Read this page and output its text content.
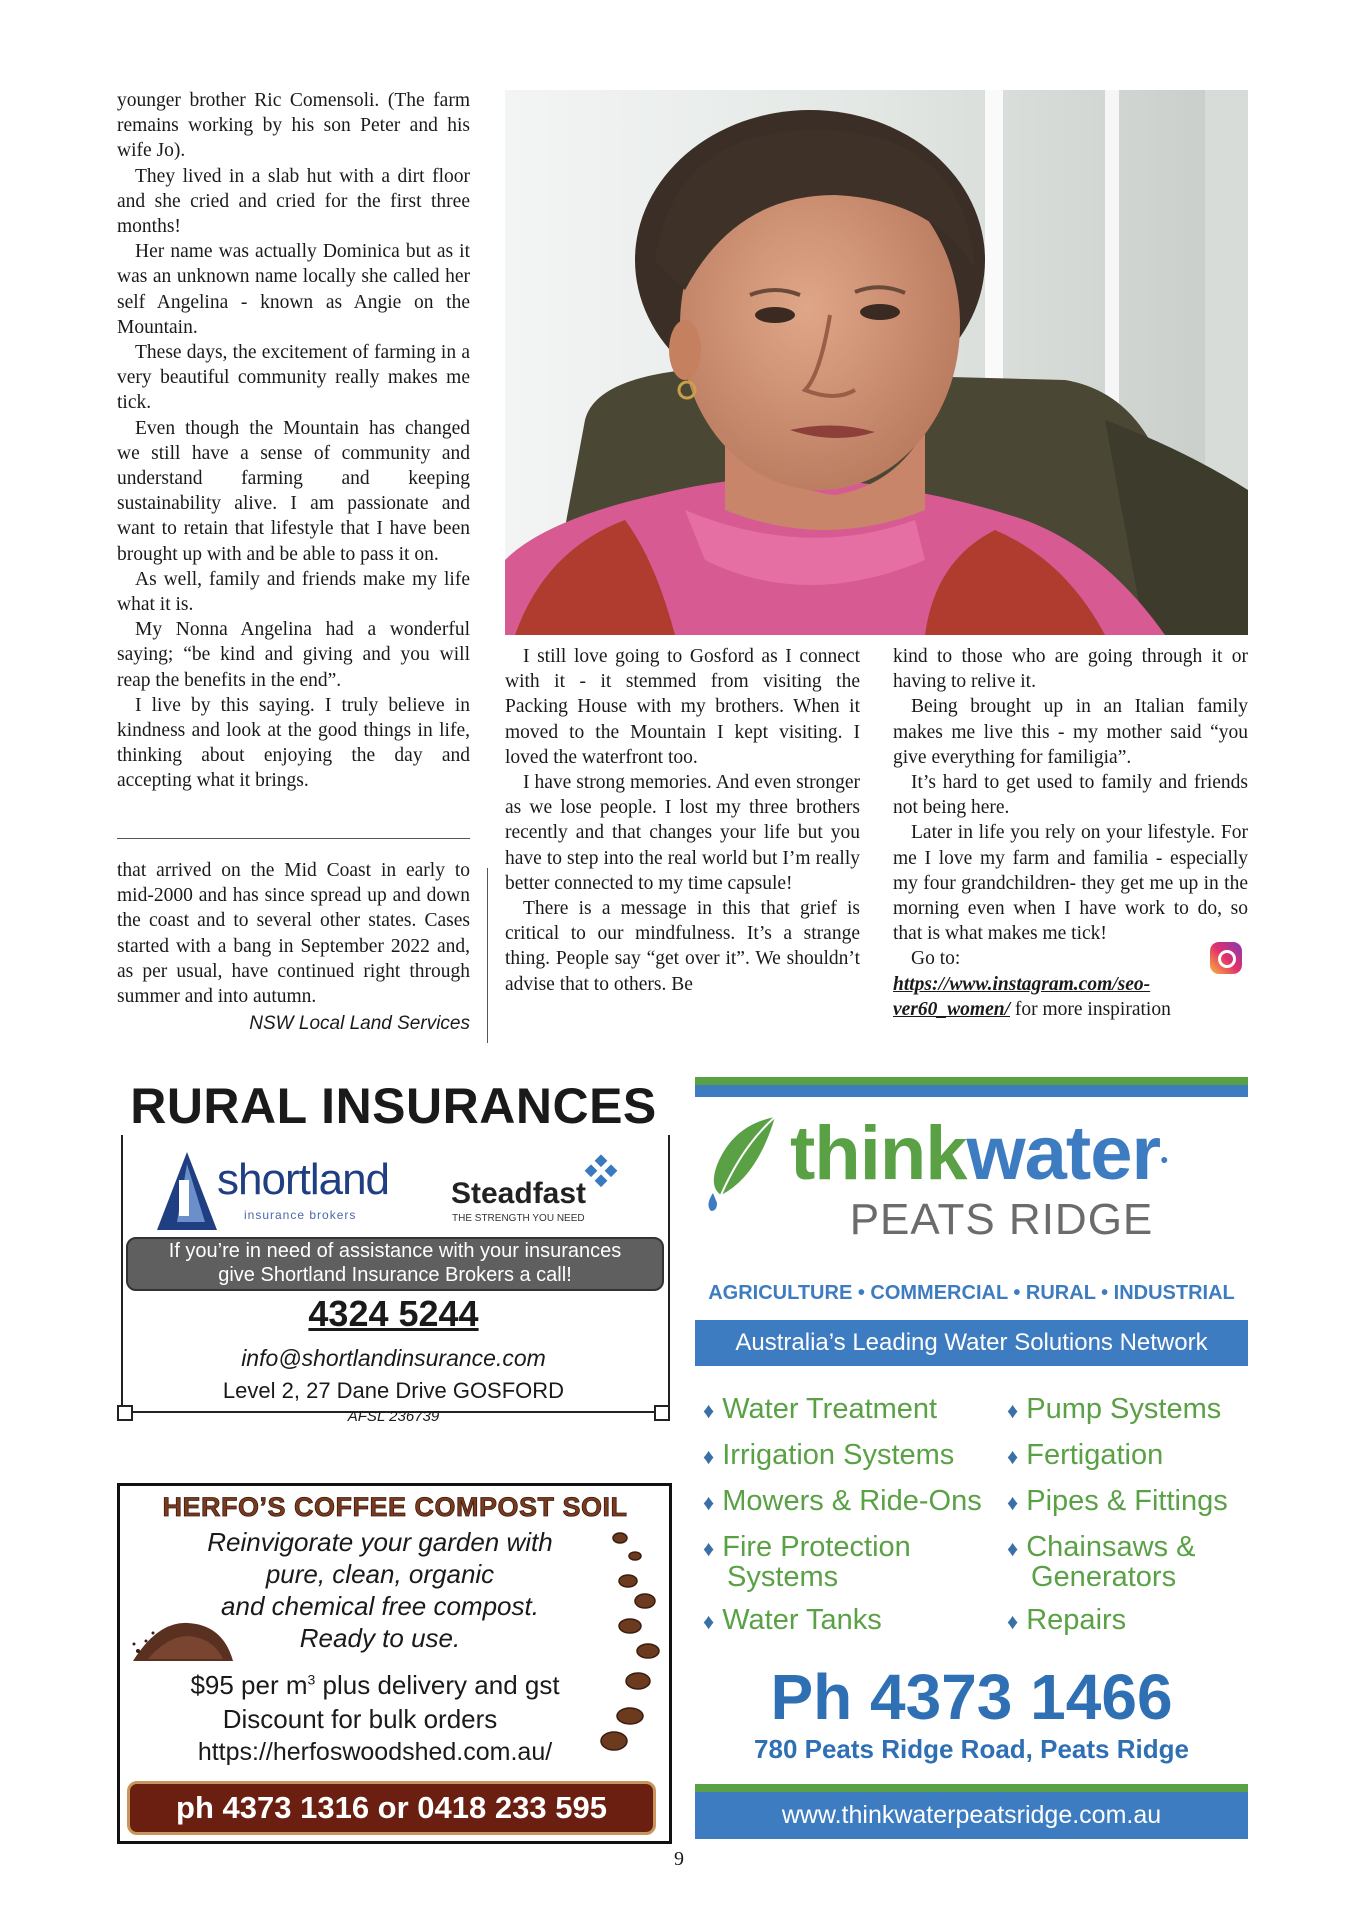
younger brother Ric Comensoli. (The farm remains working by his son Peter and his wife Jo).

They lived in a slab hut with a dirt floor and she cried and cried for the first three months!

Her name was actually Dominica but as it was an unknown name locally she called her self Angelina - known as Angie on the Mountain.

These days, the excitement of farming in a very beautiful community really makes me tick.

Even though the Mountain has changed we still have a sense of community and understand farming and keeping sustainability alive. I am passionate and want to retain that lifestyle that I have been brought up with and be able to pass it on.

As well, family and friends make my life what it is.

My Nonna Angelina had a wonderful saying; “be kind and giving and you will reap the benefits in the end”.

I live by this saying. I truly believe in kindness and look at the good things in life, thinking about enjoying the day and accepting what it brings.

that arrived on the Mid Coast in early to mid-2000 and has since spread up and down the coast and to several other states. Cases started with a bang in September 2022 and, as per usual, have continued right through summer and into autumn.

NSW Local Land Services

I still love going to Gosford as I connect with it - it stemmed from visiting the Packing House with my brothers. When it moved to the Mountain I kept visiting. I loved the waterfront too.

I have strong memories. And even stronger as we lose people. I lost my three brothers recently and that changes your life but you have to step into the real world but I’m really better connected to my time capsule!

There is a message in this that grief is critical to our mindfulness. It’s a strange thing. People say “get over it”. We shouldn’t advise that to others. Be

kind to those who are going through it or having to relive it.

Being brought up in an Italian family makes me live this - my mother said “you give everything for familigia”.

It’s hard to get used to family and friends not being here.

Later in life you rely on your lifestyle. For me I love my farm and familia - especially my four grandchildren- they get me up in the morning even when I have work to do, so that is what makes me tick!

Go to:

https://www.instagram.com/seo-ver60_women/ for more inspiration

RURAL INSURANCES
shortland
insurance brokers
Steadfast
THE STRENGTH YOU NEED
If you’re in need of assistance with your insurances
give Shortland Insurance Brokers a call!
4324 5244
info@shortlandinsurance.com
Level 2, 27 Dane Drive GOSFORD
AFSL 236739
HERFO’S COFFEE COMPOST SOIL
Reinvigorate your garden with
pure, clean, organic
and chemical free compost.
Ready to use.
$95 per $m^3$ plus delivery and gst
Discount for bulk orders
https://herfoswoodshed.com.au/
ph 4373 1316 or 0418 233 595
thinkwater●
PEATS RIDGE
AGRICULTURE • COMMERCIAL • RURAL • INDUSTRIAL
Australia’s Leading Water Solutions Network
♦ Water Treatment
♦ Irrigation Systems
♦ Mowers & Ride-Ons
♦ Fire Protection
Systems
♦ Water Tanks
♦ Pump Systems
♦ Fertigation
♦ Pipes & Fittings
♦ Chainsaws &
Generators
♦ Repairs
Ph 4373 1466
780 Peats Ridge Road, Peats Ridge
www.thinkwaterpeatsridge.com.au
9
